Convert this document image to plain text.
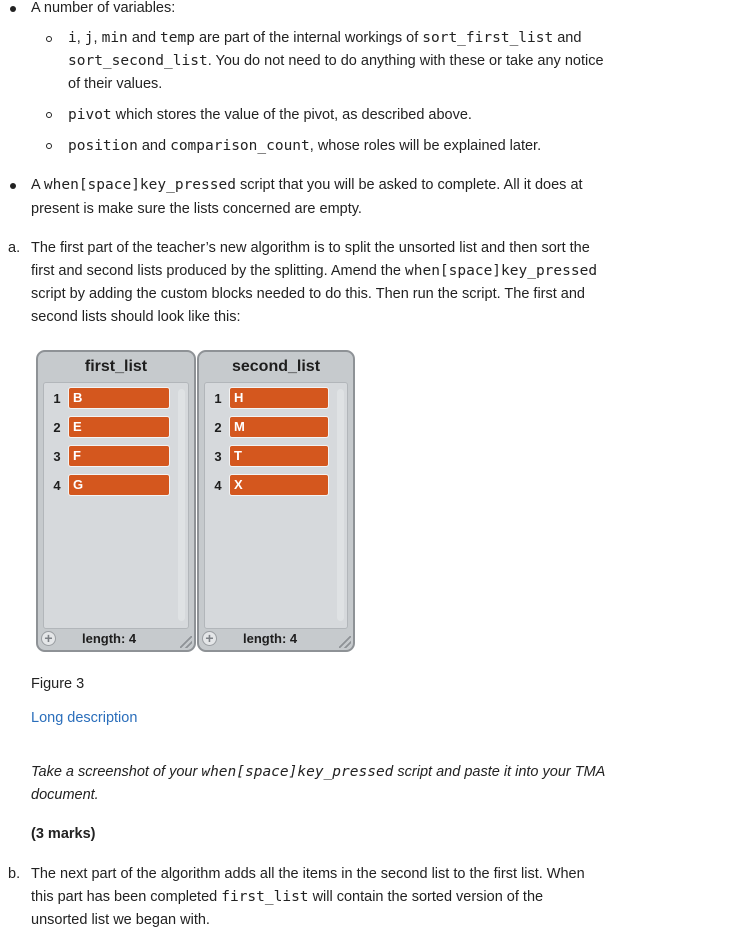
A number of variables:
i, j, min and temp are part of the internal workings of sort_first_list and
sort_second_list. You do not need to do anything with these or take any notice
of their values.
pivot which stores the value of the pivot, as described above.
position and comparison_count, whose roles will be explained later.
A when[space]key_pressed script that you will be asked to complete. All it does at
present is make sure the lists concerned are empty.
a. The first part of the teacher’s new algorithm is to split the unsorted list and then sort the
first and second lists produced by the splitting. Amend the when[space]key_pressed
script by adding the custom blocks needed to do this. Then run the script. The first and
second lists should look like this:
first_list
1 B
2 E
3 F
4 G
+ length: 4
second_list
1 H
2 M
3 T
4 X
+ length: 4
Figure 3
Long description
Take a screenshot of your when[space]key_pressed script and paste it into your TMA
document.
(3 marks)
b. The next part of the algorithm adds all the items in the second list to the first list. When
this part has been completed first_list will contain the sorted version of the
unsorted list we began with.
